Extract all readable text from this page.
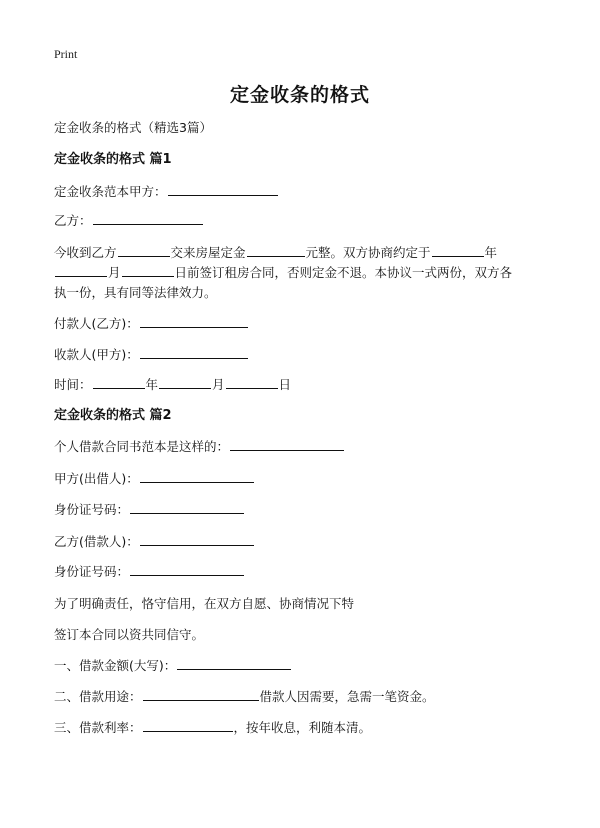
Print
定金收条的格式
定金收条的格式（精选3篇）
定金收条的格式 篇1
定金收条范本甲方：
乙方：
今收到乙方	交来房屋定金	元整。双方协商约定于	年
月	日前签订租房合同，否则定金不退。本协议一式两份，双方各
执一份，具有同等法律效力。
付款人(乙方)：
收款人(甲方)：
时间：	年	月	日
定金收条的格式 篇2
个人借款合同书范本是这样的：
甲方(出借人)：
身份证号码：
乙方(借款人)：
身份证号码：
为了明确责任，恪守信用，在双方自愿、协商情况下特
签订本合同以资共同信守。
一、借款金额(大写)：
二、借款用途：	借款人因需要，急需一笔资金。
三、借款利率：	，按年收息，利随本清。
